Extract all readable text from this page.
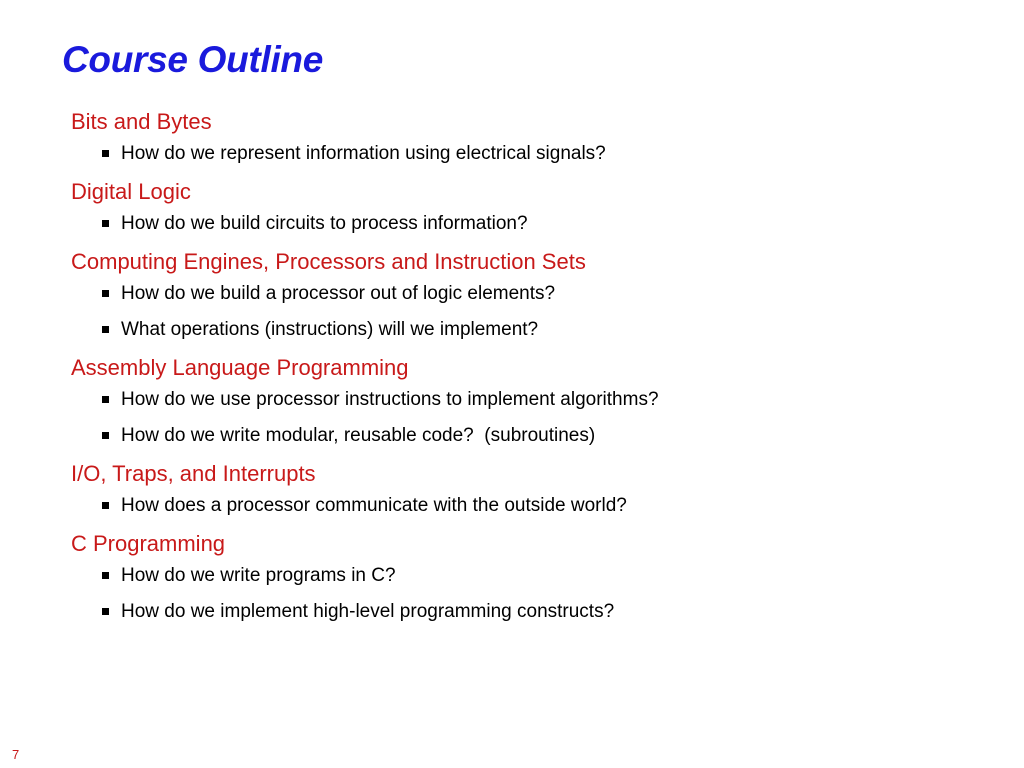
Course Outline
Bits and Bytes
How do we represent information using electrical signals?
Digital Logic
How do we build circuits to process information?
Computing Engines, Processors and Instruction Sets
How do we build a processor out of logic elements?
What operations (instructions) will we implement?
Assembly Language Programming
How do we use processor instructions to implement algorithms?
How do we write modular, reusable code?  (subroutines)
I/O, Traps, and Interrupts
How does a processor communicate with the outside world?
C Programming
How do we write programs in C?
How do we implement high-level programming constructs?
7
